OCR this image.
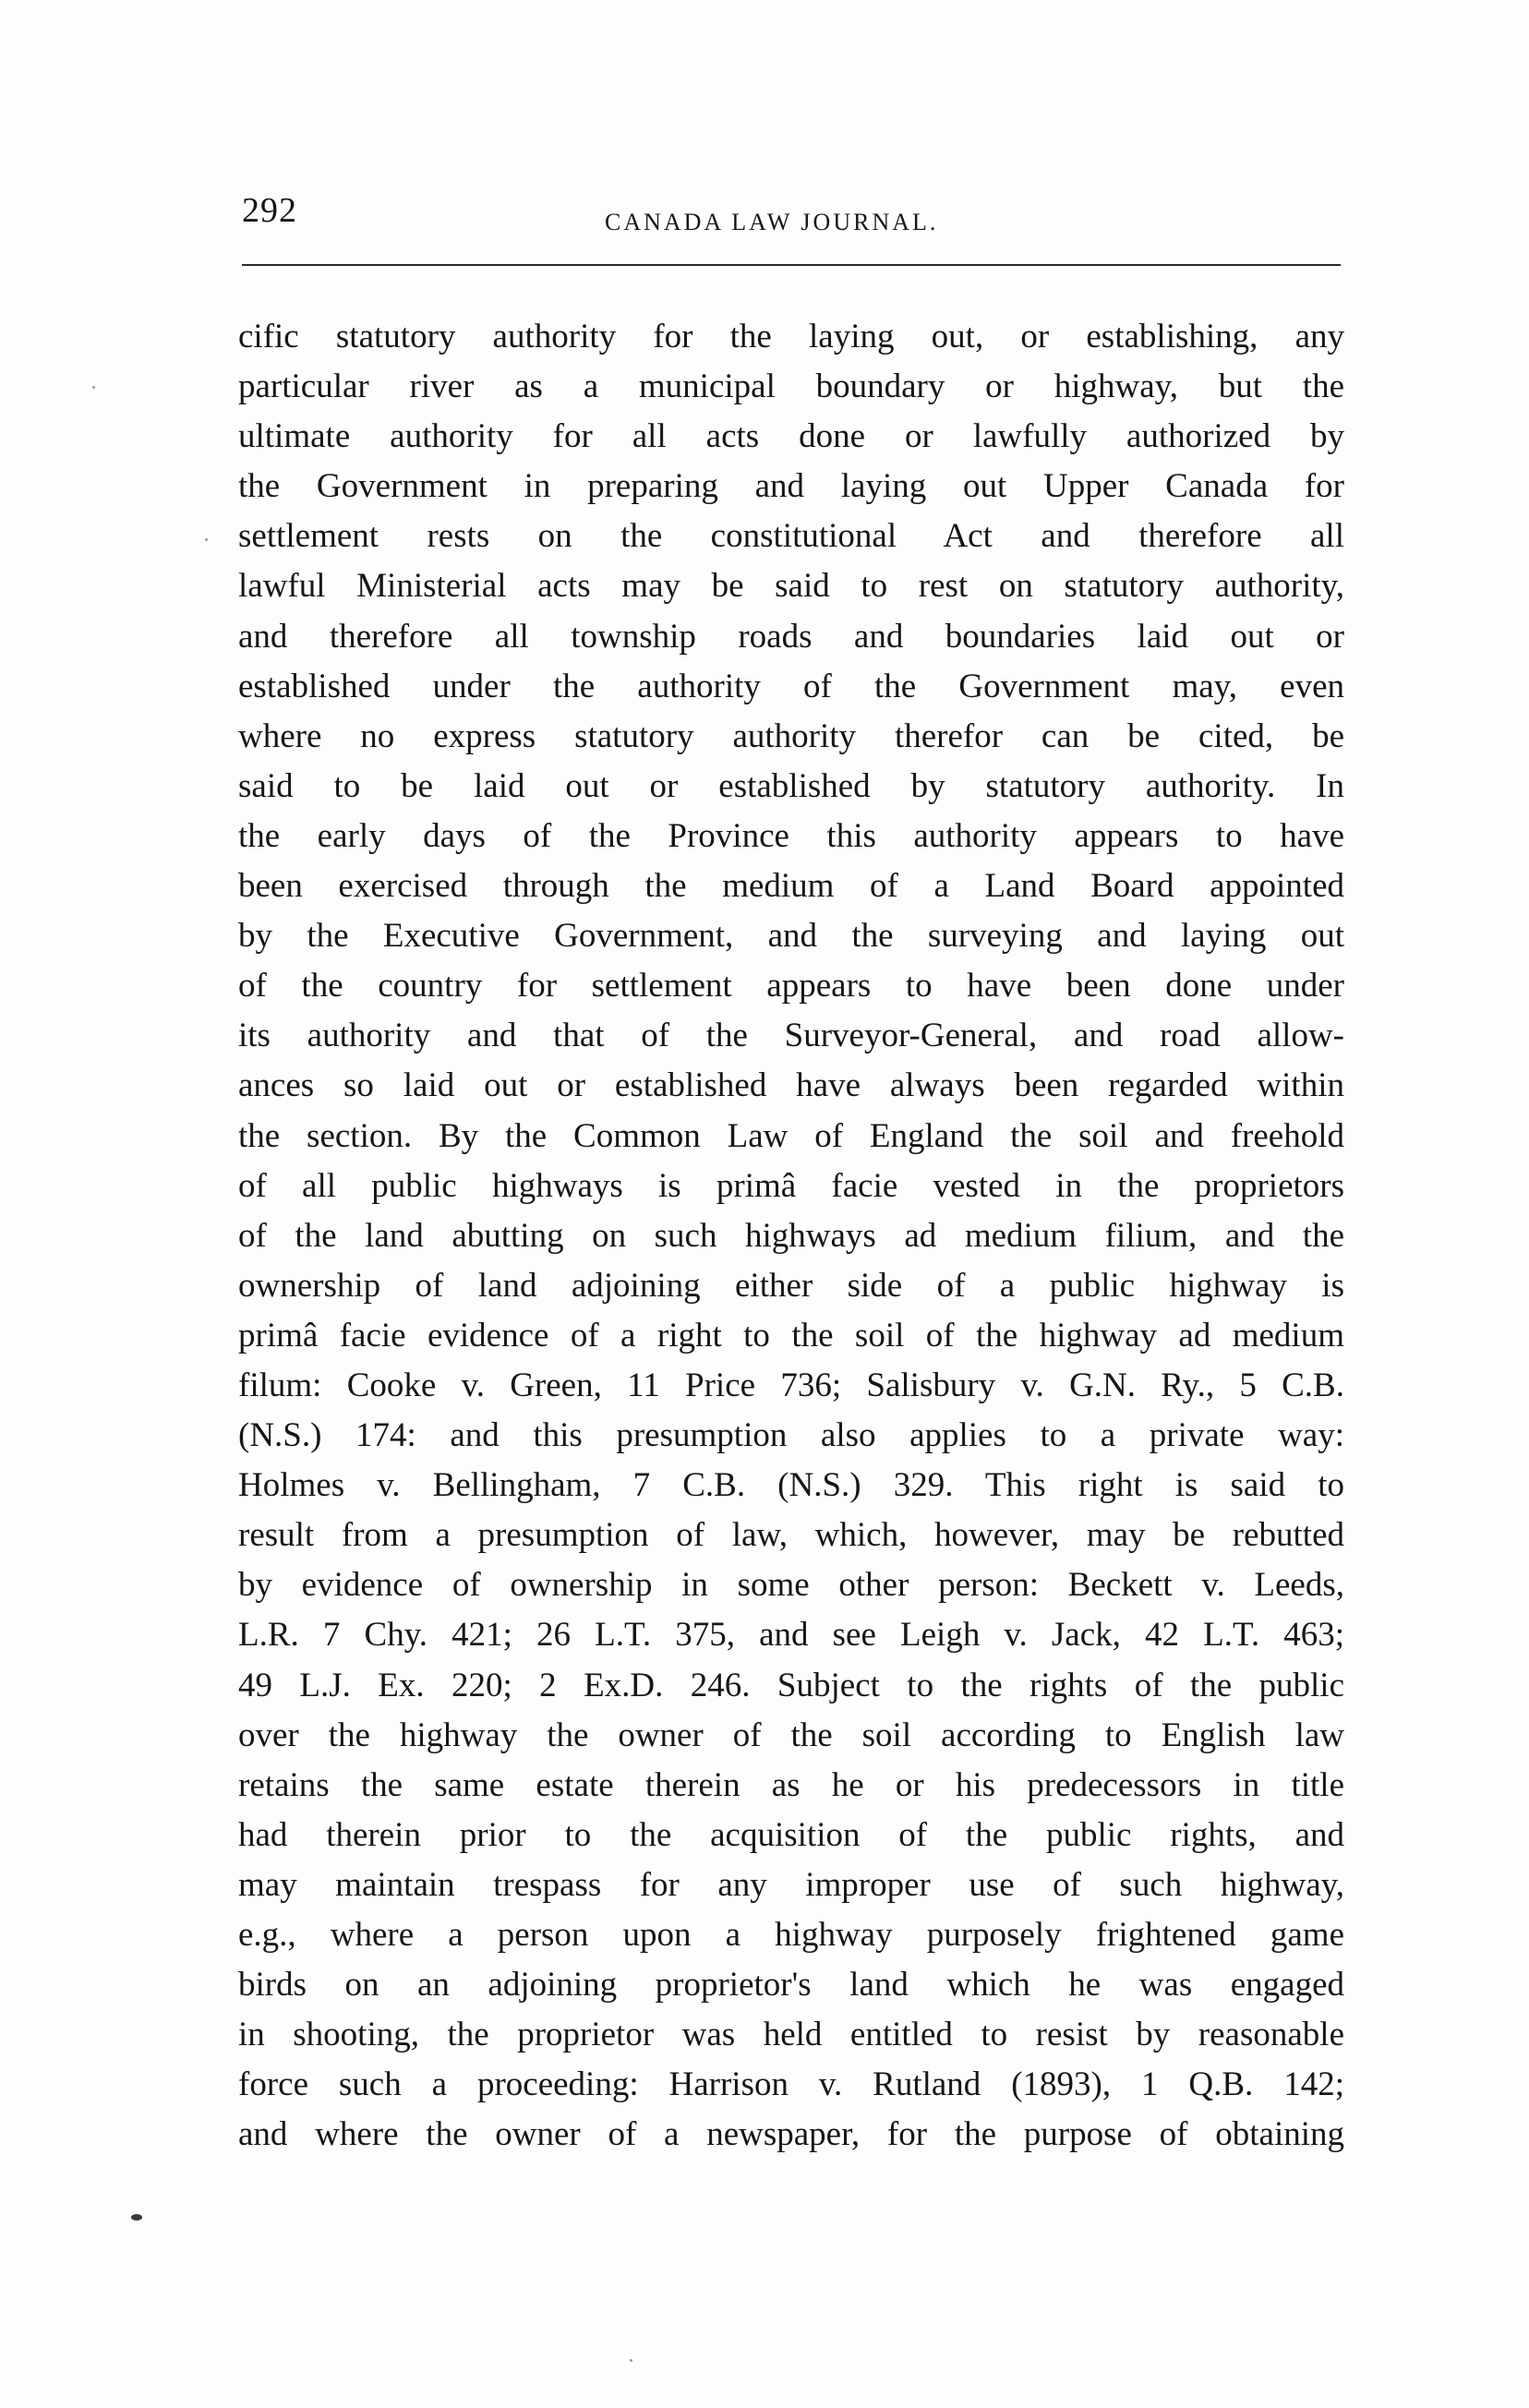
292	CANADA LAW JOURNAL.
cific statutory authority for the laying out, or establishing, any
particular river as a municipal boundary or highway, but the
ultimate authority for all acts done or lawfully authorized by
the Government in preparing and laying out Upper Canada for
settlement rests on the constitutional Act and therefore all
lawful Ministerial acts may be said to rest on statutory authority,
and therefore all township roads and boundaries laid out or
established under the authority of the Government may, even
where no express statutory authority therefor can be cited, be
said to be laid out or established by statutory authority. In
the early days of the Province this authority appears to have
been exercised through the medium of a Land Board appointed
by the Executive Government, and the surveying and laying out
of the country for settlement appears to have been done under
its authority and that of the Surveyor-General, and road allow-
ances so laid out or established have always been regarded within
the section. By the Common Law of England the soil and freehold
of all public highways is primâ facie vested in the proprietors
of the land abutting on such highways ad medium filium, and the
ownership of land adjoining either side of a public highway is
primâ facie evidence of a right to the soil of the highway ad medium
filum: Cooke v. Green, 11 Price 736; Salisbury v. G.N. Ry., 5 C.B.
(N.S.) 174: and this presumption also applies to a private way:
Holmes v. Bellingham, 7 C.B. (N.S.) 329. This right is said to
result from a presumption of law, which, however, may be rebutted
by evidence of ownership in some other person: Beckett v. Leeds,
L.R. 7 Chy. 421; 26 L.T. 375, and see Leigh v. Jack, 42 L.T. 463;
49 L.J. Ex. 220; 2 Ex.D. 246. Subject to the rights of the public
over the highway the owner of the soil according to English law
retains the same estate therein as he or his predecessors in title
had therein prior to the acquisition of the public rights, and
may maintain trespass for any improper use of such highway,
e.g., where a person upon a highway purposely frightened game
birds on an adjoining proprietor's land which he was engaged
in shooting, the proprietor was held entitled to resist by reasonable
force such a proceeding: Harrison v. Rutland (1893), 1 Q.B. 142;
and where the owner of a newspaper, for the purpose of obtaining
